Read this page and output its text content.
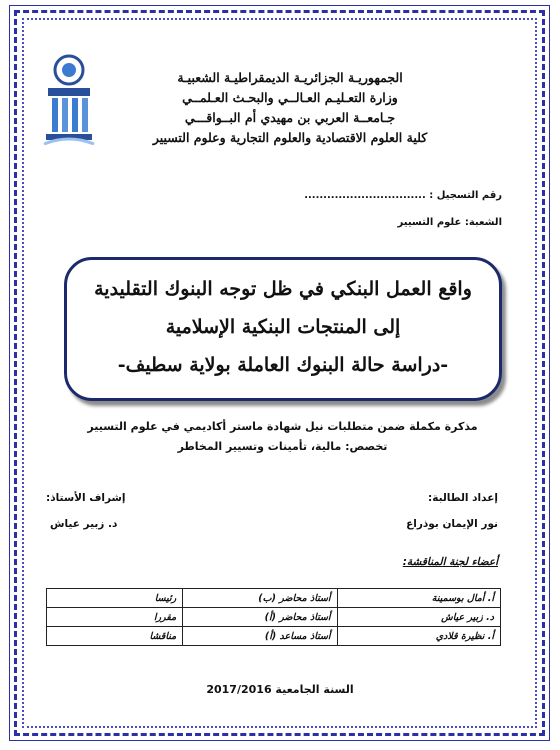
الجمهوريـة الجزائريـة الديمقراطيـة الشعبيـة
وزارة التعـليـم العـالــي والبحـث العـلمــي
جـامعــة العربي بن مهيدي أم البــواقـــي
كلية العلوم الاقتصادية والعلوم التجارية وعلوم التسيير
رقم التسجيل : ................................
الشعبة: علوم التسيير
واقع العمل البنكي في ظل توجه البنوك التقليدية
إلى المنتجات البنكية الإسلامية
-دراسة حالة البنوك العاملة بولاية سطيف-
مذكرة مكملة ضمن متطلبات نيل شهادة ماستر أكاديمي في علوم التسيير
تخصص: مالية، تأمينات وتسيير المخاطر
إعداد الطالبة:
نور الإيمان بوذراع
إشراف الأستاذ:
د. زبير عياش
أعضاء لجنة المناقشة:
أ. أمال بوسمينة	أستاذ محاضر (ب)	رئيسا
د. زبير عياش	أستاذ محاضر (أ)	مقررا
أ. نظيرة قلادي	أستاذ مساعد (أ)	مناقشا
السنة الجامعية 2017/2016
